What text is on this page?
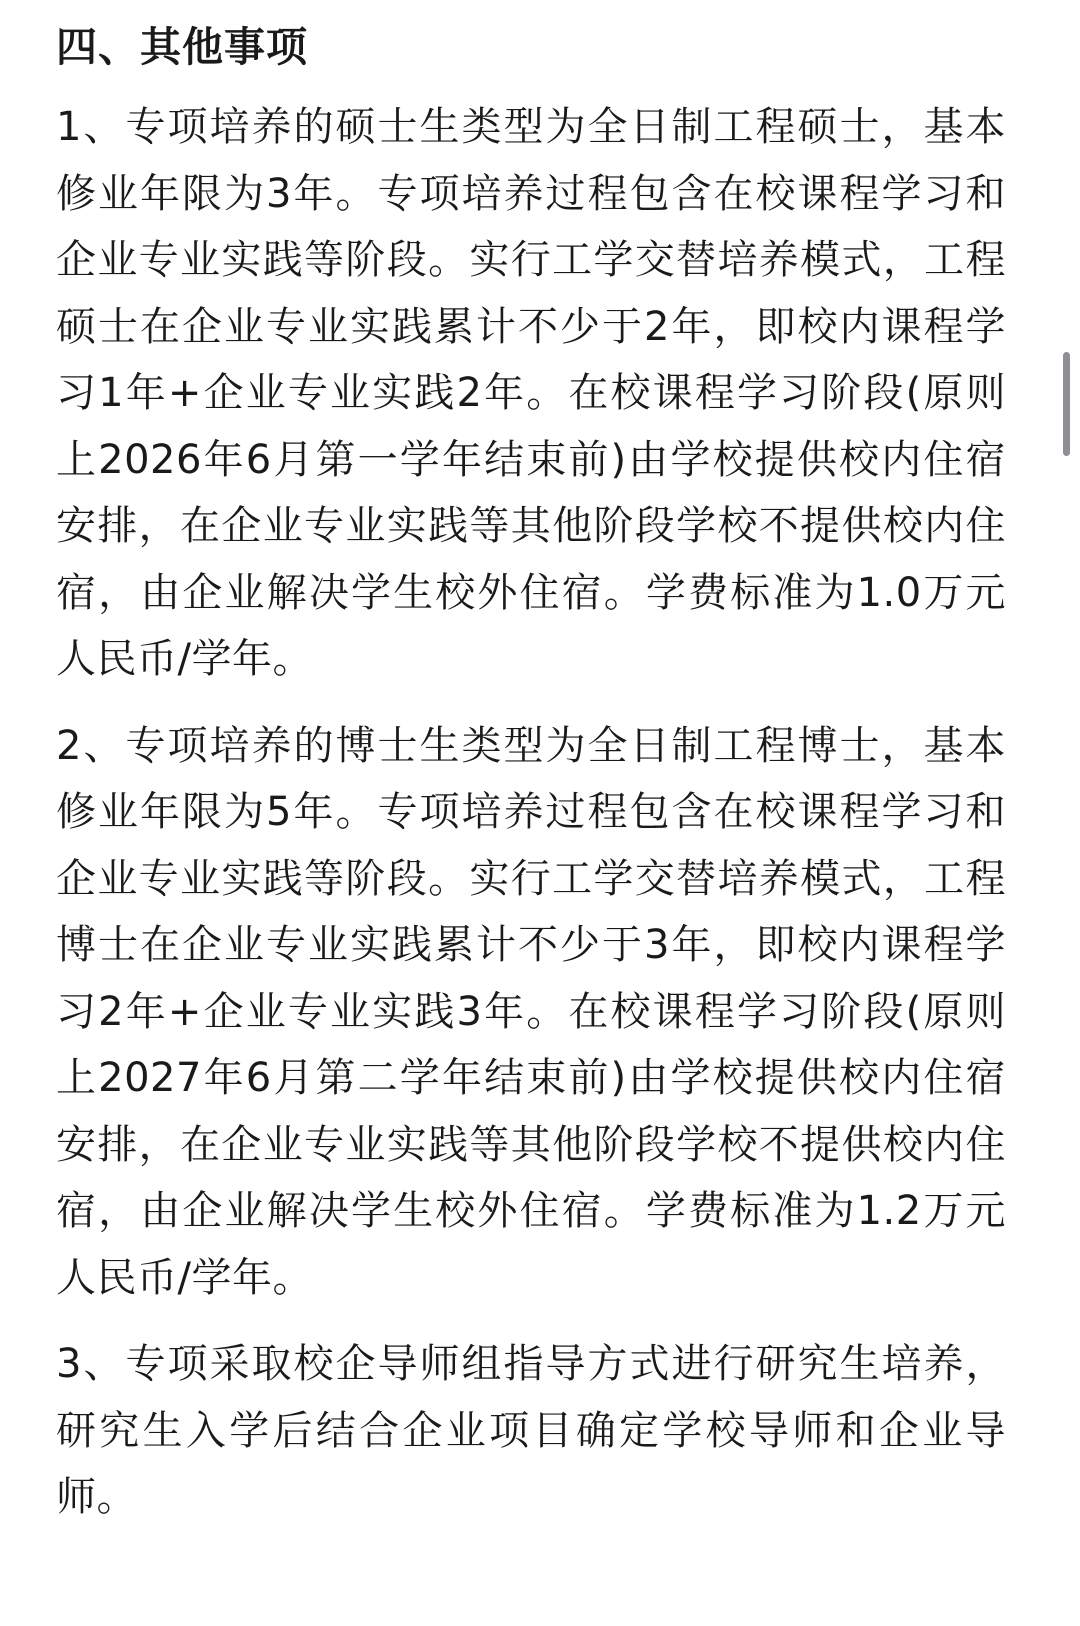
四、其他事项

1、专项培养的硕士生类型为全日制工程硕士，基本修业年限为3年。专项培养过程包含在校课程学习和企业专业实践等阶段。实行工学交替培养模式，工程硕士在企业专业实践累计不少于2年，即校内课程学习1年+企业专业实践2年。在校课程学习阶段(原则上2026年6月第一学年结束前)由学校提供校内住宿安排，在企业专业实践等其他阶段学校不提供校内住宿，由企业解决学生校外住宿。学费标准为1.0万元人民币/学年。

2、专项培养的博士生类型为全日制工程博士，基本修业年限为5年。专项培养过程包含在校课程学习和企业专业实践等阶段。实行工学交替培养模式，工程博士在企业专业实践累计不少于3年，即校内课程学习2年+企业专业实践3年。在校课程学习阶段(原则上2027年6月第二学年结束前)由学校提供校内住宿安排，在企业专业实践等其他阶段学校不提供校内住宿，由企业解决学生校外住宿。学费标准为1.2万元人民币/学年。

3、专项采取校企导师组指导方式进行研究生培养，研究生入学后结合企业项目确定学校导师和企业导师。
